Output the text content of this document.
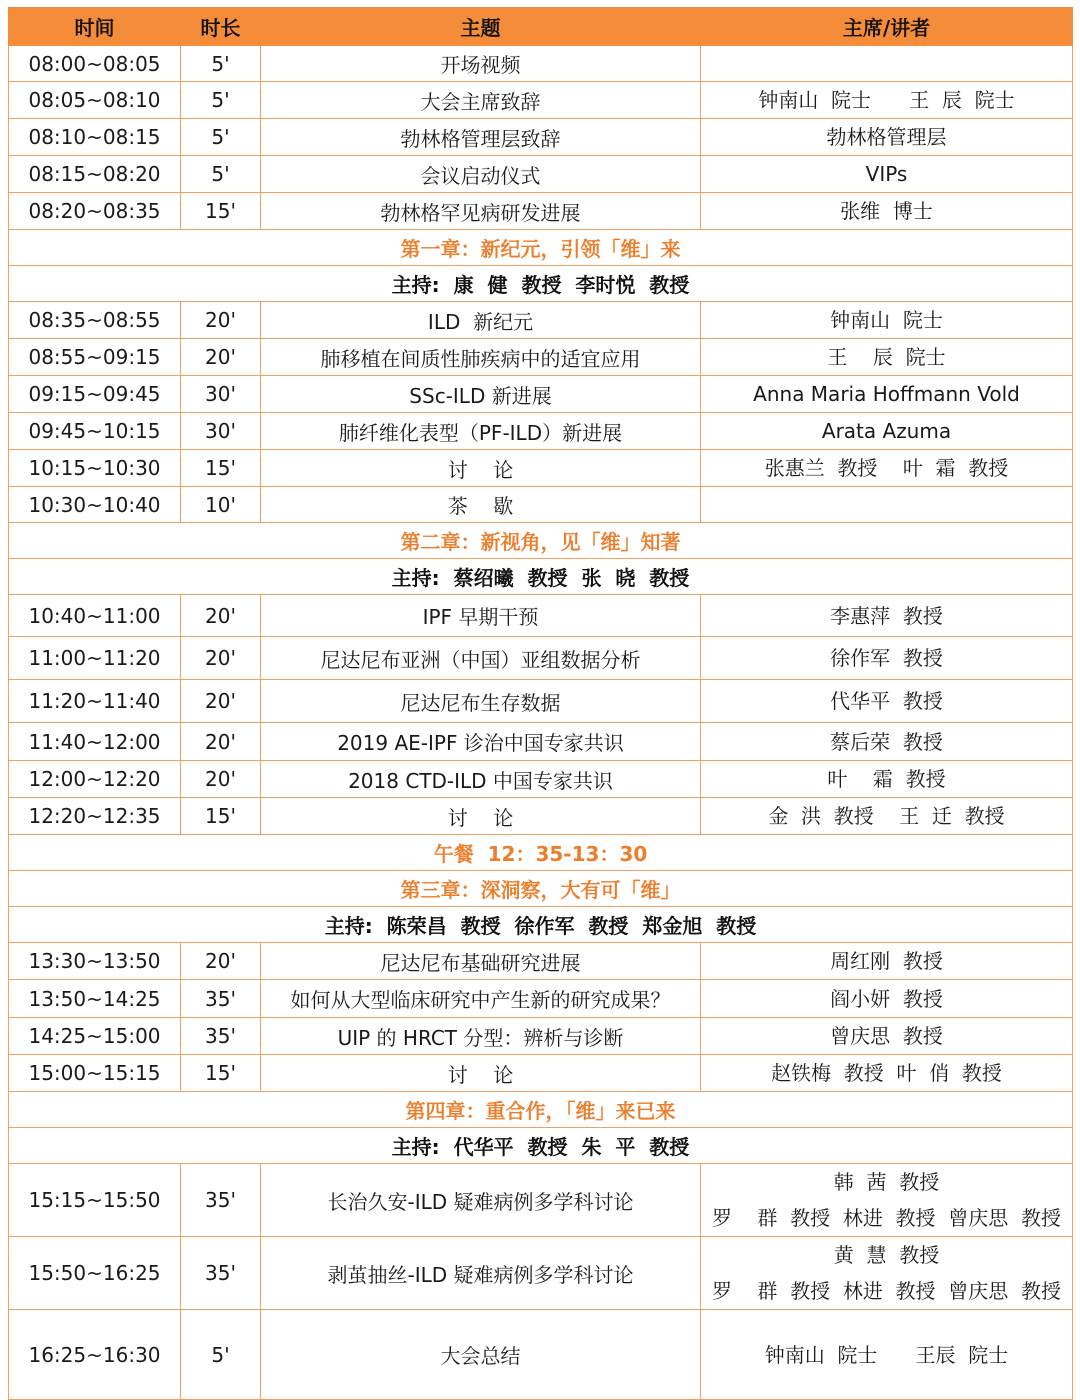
时间	时长	主题	主席/讲者
08:00~08:05	5'	开场视频	

08:05~08:10	5'	大会主席致辞	钟南山  院士      王  辰  院士

08:10~08:15	5'	勃林格管理层致辞	勃林格管理层

08:15~08:20	5'	会议启动仪式	VIPs

08:20~08:35	15'	勃林格罕见病研发进展	张维  博士

第一章：新纪元，引领「维」来			
主持:  康  健  教授  李时悦  教授			
08:35~08:55	20'	ILD  新纪元	钟南山  院士

08:55~09:15	20'	肺移植在间质性肺疾病中的适宜应用	王    辰  院士

09:15~09:45	30'	SSc-ILD 新进展	Anna Maria Hoffmann Vold

09:45~10:15	30'	肺纤维化表型（PF-ILD）新进展	Arata Azuma

10:15~10:30	15'	讨    论	张惠兰  教授    叶  霜  教授

10:30~10:40	10'	茶    歇	

第二章：新视角，见「维」知著			
主持:  蔡绍曦  教授  张  晓  教授			
10:40~11:00	20'	IPF 早期干预	李惠萍  教授

11:00~11:20	20'	尼达尼布亚洲（中国）亚组数据分析	徐作军  教授

11:20~11:40	20'	尼达尼布生存数据	代华平  教授

11:40~12:00	20'	2019 AE-IPF 诊治中国专家共识	蔡后荣  教授

12:00~12:20	20'	2018 CTD-ILD 中国专家共识	叶    霜  教授

12:20~12:35	15'	讨    论	金  洪  教授    王  迁  教授

午餐  12：35-13：30			
第三章：深洞察，大有可「维」			
主持:  陈荣昌  教授  徐作军  教授  郑金旭  教授			
13:30~13:50	20'	尼达尼布基础研究进展	周红刚  教授

13:50~14:25	35'	如何从大型临床研究中产生新的研究成果？	阎小妍  教授

14:25~15:00	35'	UIP 的 HRCT 分型：辨析与诊断	曾庆思  教授

15:00~15:15	15'	讨    论	赵铁梅  教授  叶  俏  教授

第四章：重合作，「维」来已来			
主持:  代华平  教授  朱  平  教授			
15:15~15:50	35'	长治久安-ILD 疑难病例多学科讨论	韩  茜  教授
罗    群  教授  林进  教授  曾庆思  教授

15:50~16:25	35'	剥茧抽丝-ILD 疑难病例多学科讨论	黄  慧  教授
罗    群  教授  林进  教授  曾庆思  教授

16:25~16:30	5'	大会总结	钟南山  院士      王辰  院士
